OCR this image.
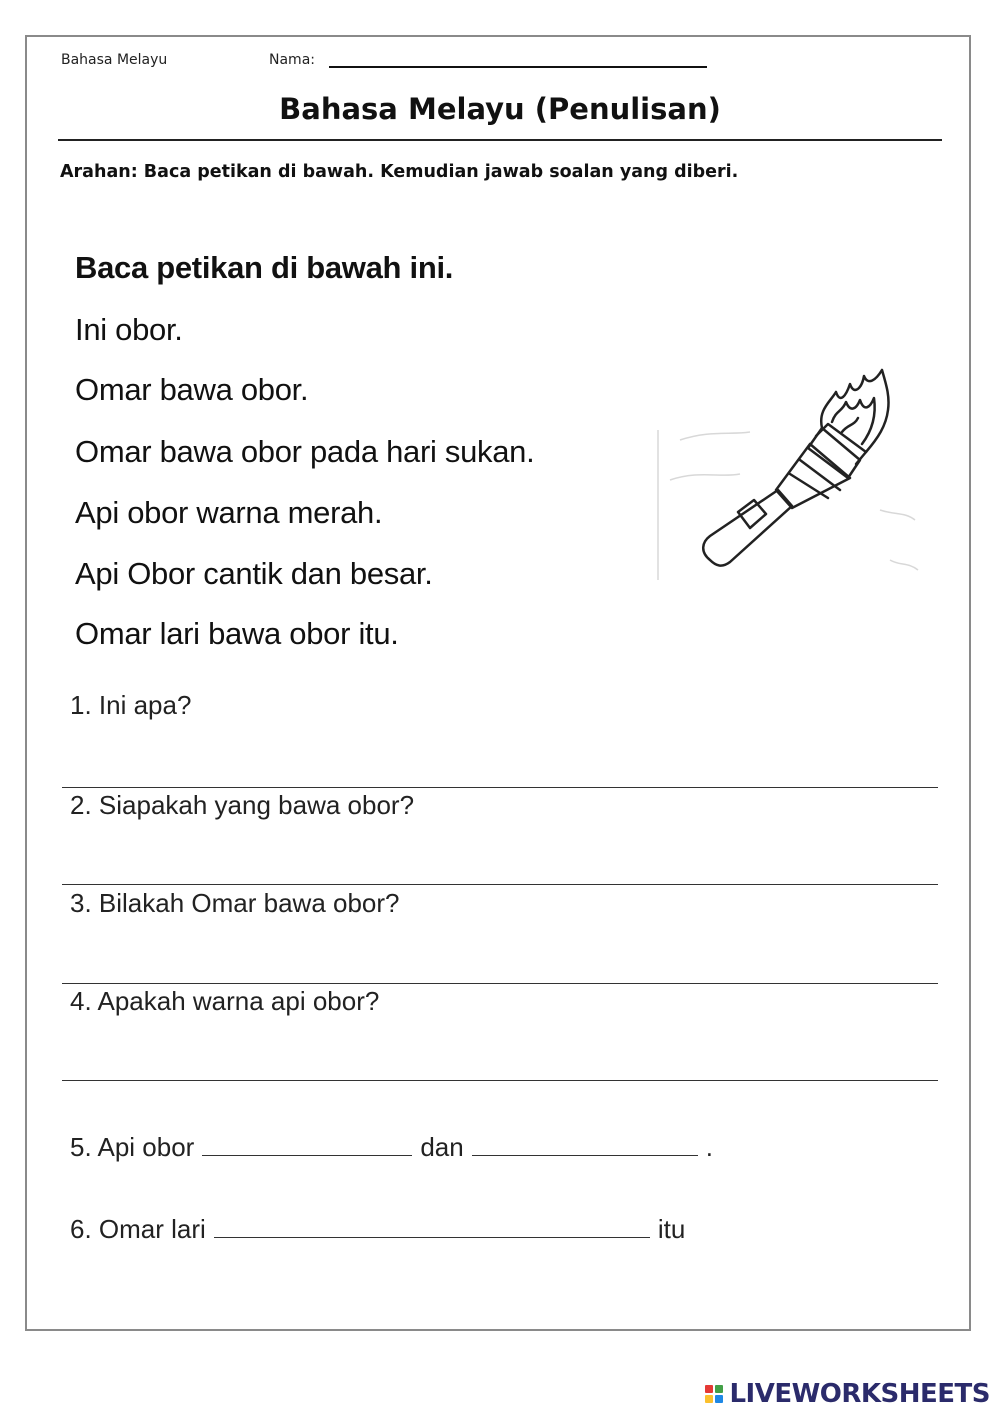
Bahasa Melayu	Nama:
Bahasa Melayu (Penulisan)
Arahan: Baca petikan di bawah. Kemudian jawab soalan yang diberi.
Baca petikan di bawah ini.
Ini obor.
Omar bawa obor.
Omar bawa obor pada hari sukan.
Api obor warna merah.
Api Obor cantik dan besar.
Omar lari bawa obor itu.
1. Ini apa?
2. Siapakah yang bawa obor?
3. Bilakah Omar bawa obor?
4. Apakah warna api obor?
5. Api obor	dan	.
6. Omar lari	itu
LIVEWORKSHEETS
